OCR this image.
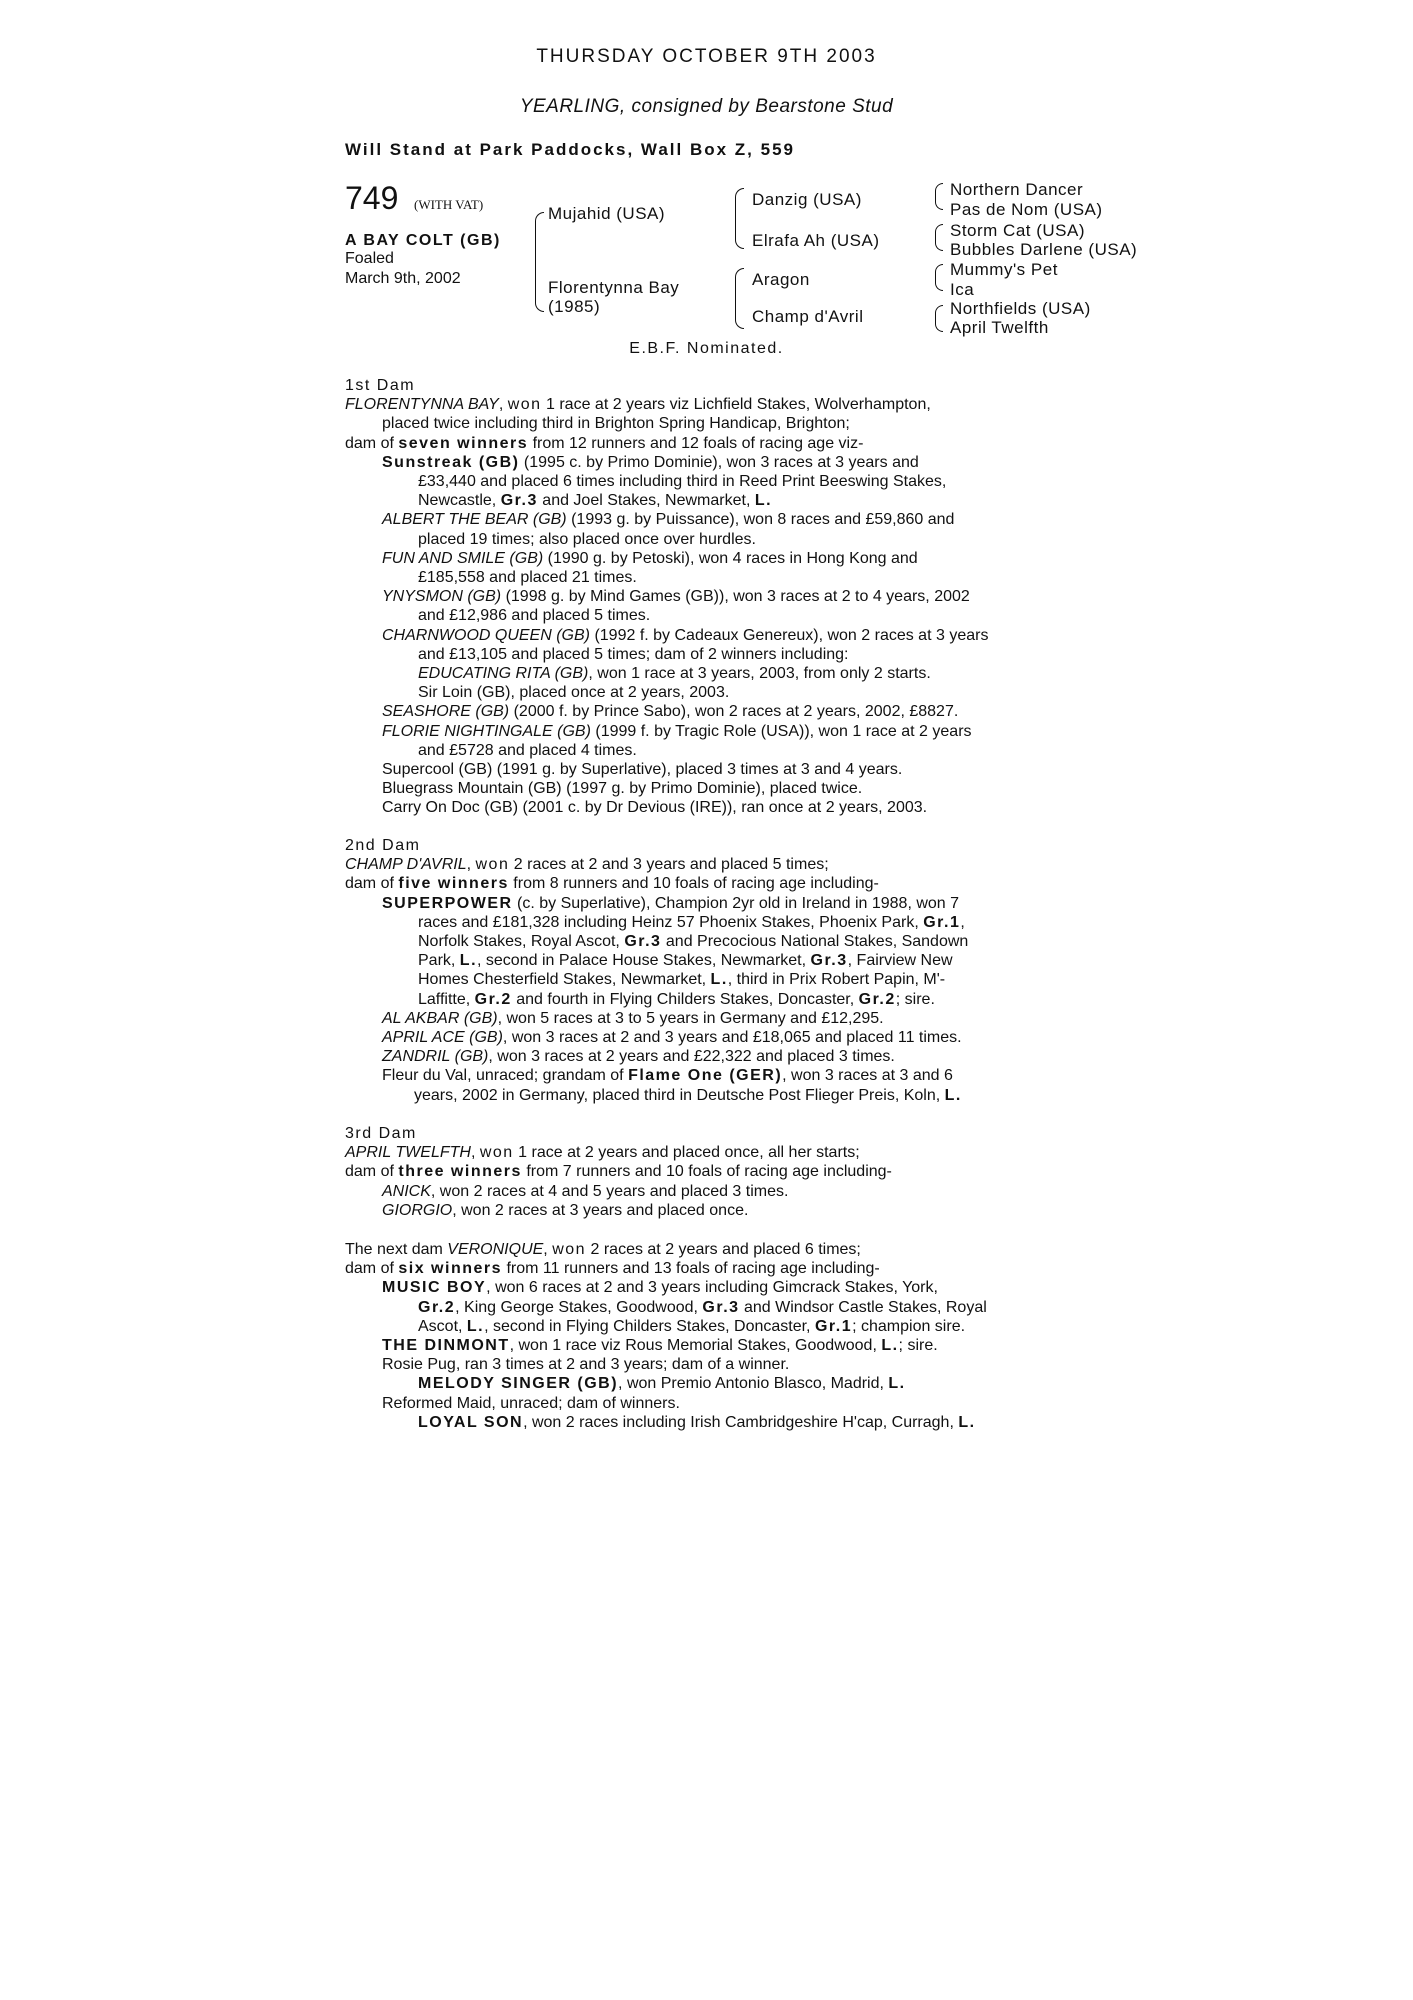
THURSDAY OCTOBER 9TH 2003
YEARLING, consigned by Bearstone Stud
Will Stand at Park Paddocks, Wall Box Z, 559
749 (WITH VAT)
A BAY COLT (GB)
Foaled
March 9th, 2002
Mujahid (USA)
Florentynna Bay
(1985)
Danzig (USA)
Elrafa Ah (USA)
Aragon
Champ d'Avril
Northern Dancer
Pas de Nom (USA)
Storm Cat (USA)
Bubbles Darlene (USA)
Mummy's Pet
Ica
Northfields (USA)
April Twelfth
E.B.F. Nominated.

1st Dam

FLORENTYNNA BAY, won 1 race at 2 years viz Lichfield Stakes, Wolverhampton,

placed twice including third in Brighton Spring Handicap, Brighton;

dam of seven winners from 12 runners and 12 foals of racing age viz-

Sunstreak (GB) (1995 c. by Primo Dominie), won 3 races at 3 years and

£33,440 and placed 6 times including third in Reed Print Beeswing Stakes,

Newcastle, Gr.3 and Joel Stakes, Newmarket, L.

ALBERT THE BEAR (GB) (1993 g. by Puissance), won 8 races and £59,860 and

placed 19 times; also placed once over hurdles.

FUN AND SMILE (GB) (1990 g. by Petoski), won 4 races in Hong Kong and

£185,558 and placed 21 times.

YNYSMON (GB) (1998 g. by Mind Games (GB)), won 3 races at 2 to 4 years, 2002

and £12,986 and placed 5 times.

CHARNWOOD QUEEN (GB) (1992 f. by Cadeaux Genereux), won 2 races at 3 years

and £13,105 and placed 5 times; dam of 2 winners including:

EDUCATING RITA (GB), won 1 race at 3 years, 2003, from only 2 starts.

Sir Loin (GB), placed once at 2 years, 2003.

SEASHORE (GB) (2000 f. by Prince Sabo), won 2 races at 2 years, 2002, £8827.

FLORIE NIGHTINGALE (GB) (1999 f. by Tragic Role (USA)), won 1 race at 2 years

and £5728 and placed 4 times.

Supercool (GB) (1991 g. by Superlative), placed 3 times at 3 and 4 years.

Bluegrass Mountain (GB) (1997 g. by Primo Dominie), placed twice.

Carry On Doc (GB) (2001 c. by Dr Devious (IRE)), ran once at 2 years, 2003.

2nd Dam

CHAMP D'AVRIL, won 2 races at 2 and 3 years and placed 5 times;

dam of five winners from 8 runners and 10 foals of racing age including-

SUPERPOWER (c. by Superlative), Champion 2yr old in Ireland in 1988, won 7

races and £181,328 including Heinz 57 Phoenix Stakes, Phoenix Park, Gr.1,

Norfolk Stakes, Royal Ascot, Gr.3 and Precocious National Stakes, Sandown

Park, L., second in Palace House Stakes, Newmarket, Gr.3, Fairview New

Homes Chesterfield Stakes, Newmarket, L., third in Prix Robert Papin, M'-

Laffitte, Gr.2 and fourth in Flying Childers Stakes, Doncaster, Gr.2; sire.

AL AKBAR (GB), won 5 races at 3 to 5 years in Germany and £12,295.

APRIL ACE (GB), won 3 races at 2 and 3 years and £18,065 and placed 11 times.

ZANDRIL (GB), won 3 races at 2 years and £22,322 and placed 3 times.

Fleur du Val, unraced; grandam of Flame One (GER), won 3 races at 3 and 6

years, 2002 in Germany, placed third in Deutsche Post Flieger Preis, Koln, L.

3rd Dam

APRIL TWELFTH, won 1 race at 2 years and placed once, all her starts;

dam of three winners from 7 runners and 10 foals of racing age including-

ANICK, won 2 races at 4 and 5 years and placed 3 times.

GIORGIO, won 2 races at 3 years and placed once.

The next dam VERONIQUE, won 2 races at 2 years and placed 6 times;

dam of six winners from 11 runners and 13 foals of racing age including-

MUSIC BOY, won 6 races at 2 and 3 years including Gimcrack Stakes, York,

Gr.2, King George Stakes, Goodwood, Gr.3 and Windsor Castle Stakes, Royal

Ascot, L., second in Flying Childers Stakes, Doncaster, Gr.1; champion sire.

THE DINMONT, won 1 race viz Rous Memorial Stakes, Goodwood, L.; sire.

Rosie Pug, ran 3 times at 2 and 3 years; dam of a winner.

MELODY SINGER (GB), won Premio Antonio Blasco, Madrid, L.

Reformed Maid, unraced; dam of winners.

LOYAL SON, won 2 races including Irish Cambridgeshire H'cap, Curragh, L.
